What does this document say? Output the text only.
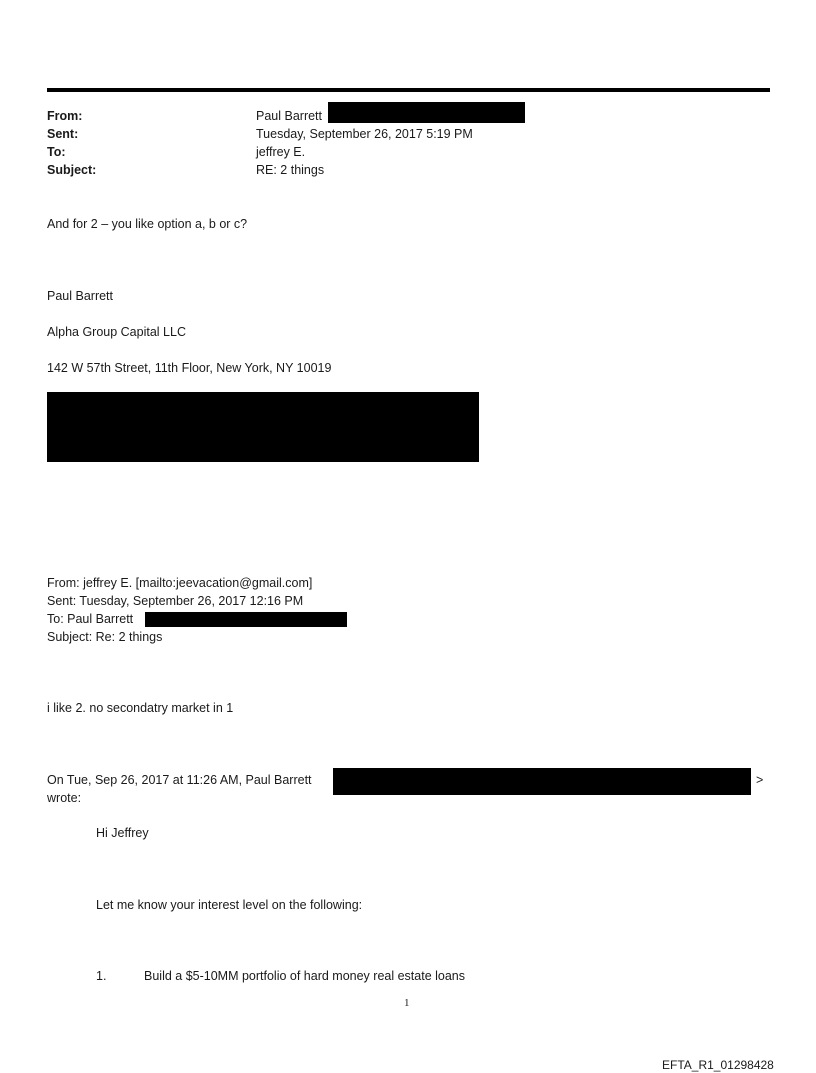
From:
Sent:
To:
Subject:
Paul Barrett
Tuesday, September 26, 2017 5:19 PM
jeffrey E.
RE: 2 things
And for 2 – you like option a, b or c?
Paul Barrett
Alpha Group Capital LLC
142 W 57th Street, 11th Floor, New York, NY 10019
From: jeffrey E. [mailto:jeevacation@gmail.com]
Sent: Tuesday, September 26, 2017 12:16 PM
To: Paul Barrett
Subject: Re: 2 things
i like 2. no secondatry market in 1
On Tue, Sep 26, 2017 at 11:26 AM, Paul Barrett	>
wrote:
Hi Jeffrey
Let me know your interest level on the following:
1.	Build a $5-10MM portfolio of hard money real estate loans
1
EFTA_R1_01298428
